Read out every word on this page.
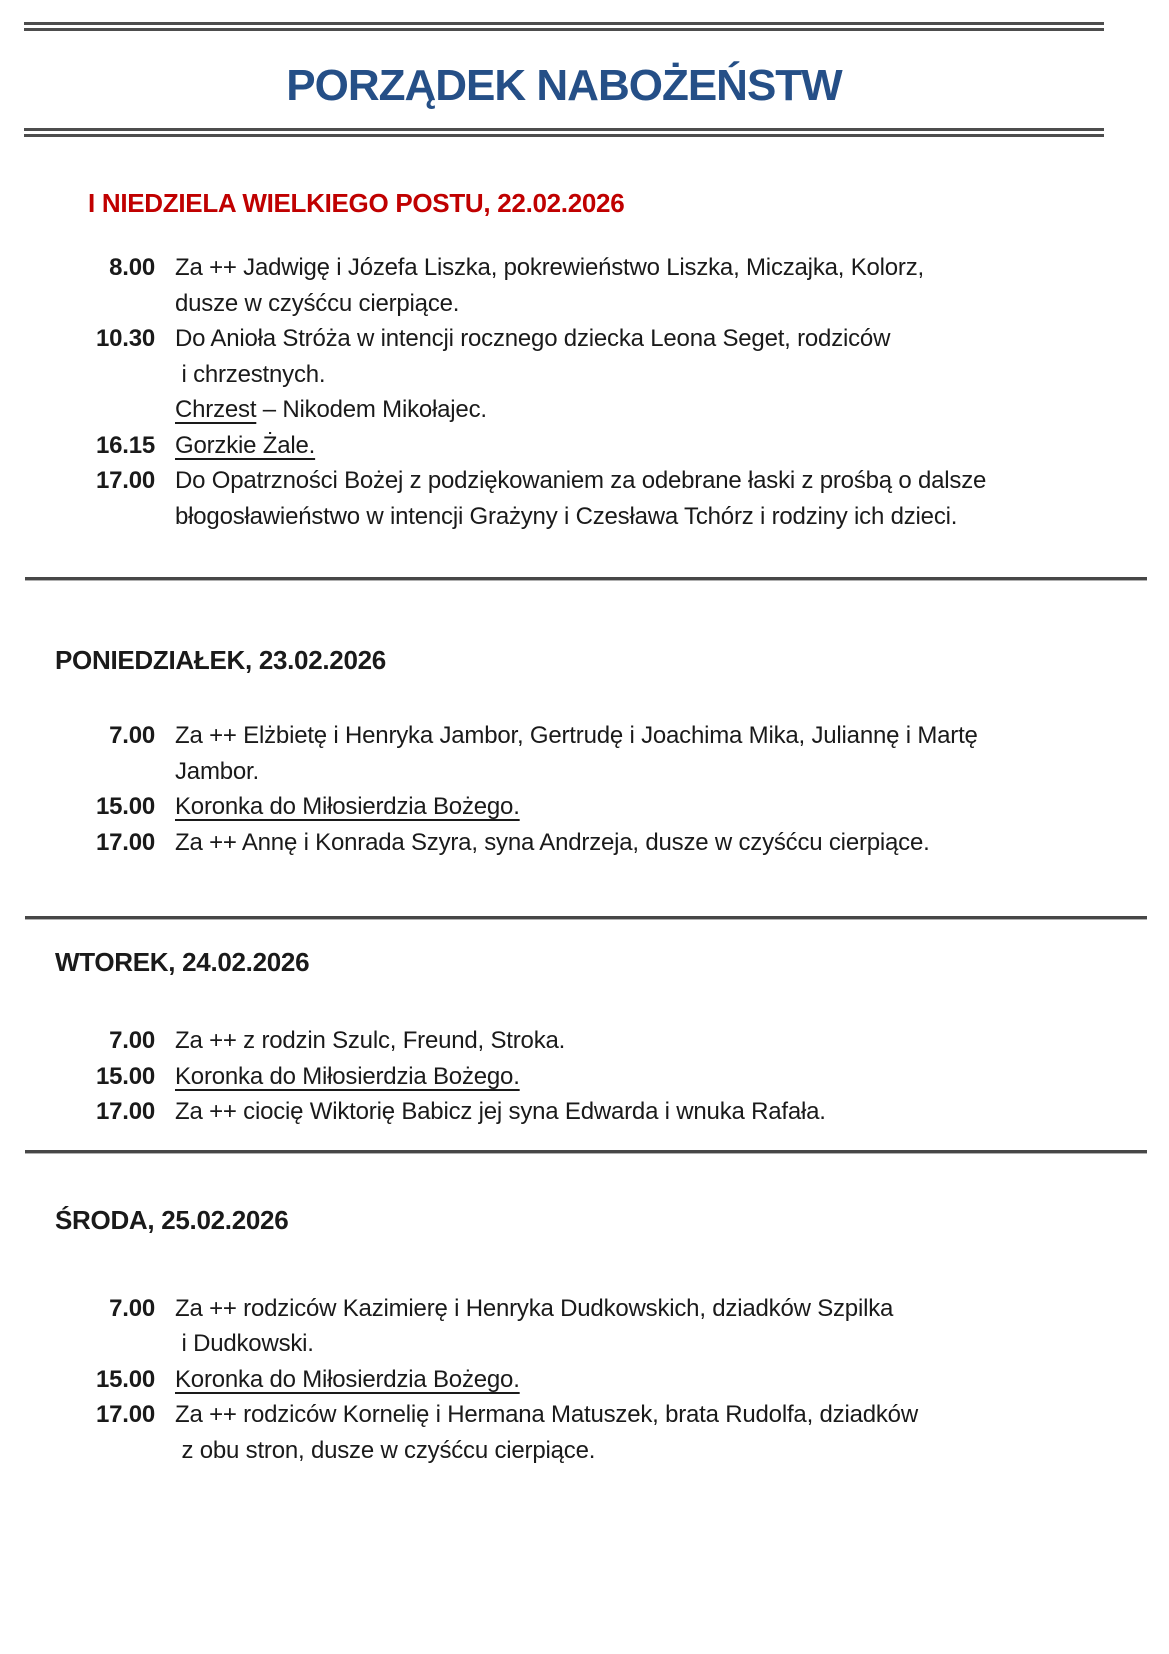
PORZĄDEK NABOŻEŃSTW
I NIEDZIELA WIELKIEGO POSTU, 22.02.2026
8.00 Za ++ Jadwigę i Józefa Liszka, pokrewieństwo Liszka, Miczajka, Kolorz,
dusze w czyśćcu cierpiące.
10.30 Do Anioła Stróża w intencji rocznego dziecka Leona Seget, rodziców
i chrzestnych.
Chrzest – Nikodem Mikołajec.
16.15 Gorzkie Żale.
17.00 Do Opatrzności Bożej z podziękowaniem za odebrane łaski z prośbą o dalsze
błogosławieństwo w intencji Grażyny i Czesława Tchórz i rodziny ich dzieci.
PONIEDZIAŁEK, 23.02.2026
7.00 Za ++ Elżbietę i Henryka Jambor, Gertrudę i Joachima Mika, Juliannę i Martę
Jambor.
15.00 Koronka do Miłosierdzia Bożego.
17.00 Za ++ Annę i Konrada Szyra, syna Andrzeja, dusze w czyśćcu cierpiące.
WTOREK, 24.02.2026
7.00 Za ++ z rodzin Szulc, Freund, Stroka.
15.00 Koronka do Miłosierdzia Bożego.
17.00 Za ++ ciocię Wiktorię Babicz jej syna Edwarda i wnuka Rafała.
ŚRODA, 25.02.2026
7.00 Za ++ rodziców Kazimierę i Henryka Dudkowskich, dziadków Szpilka
i Dudkowski.
15.00 Koronka do Miłosierdzia Bożego.
17.00 Za ++ rodziców Kornelię i Hermana Matuszek, brata Rudolfa, dziadków
z obu stron, dusze w czyśćcu cierpiące.
